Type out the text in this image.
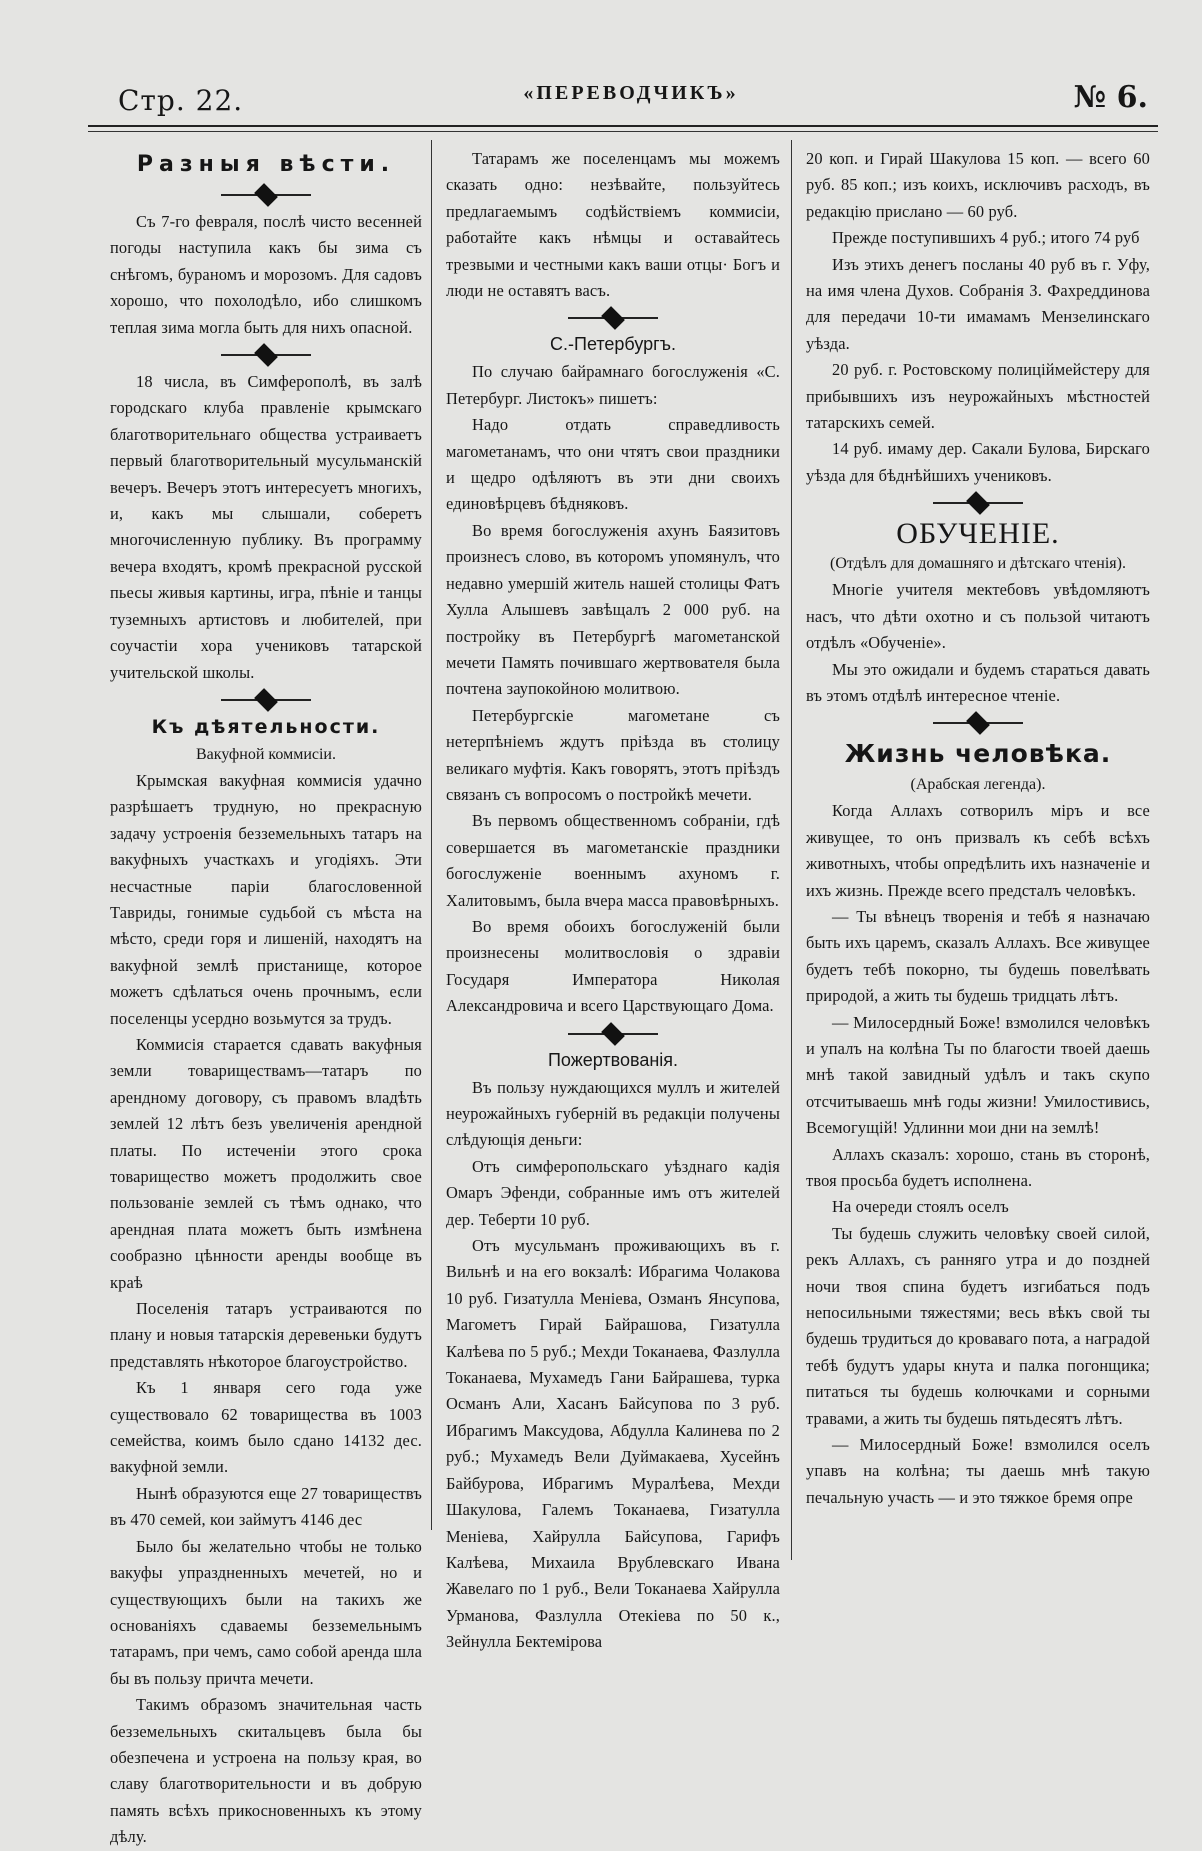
Стр. 22.	«ПЕРЕВОДЧИКЪ»	№ 6.
Разныя вѣсти.

Съ 7-го февраля, послѣ чисто весенней погоды наступила какъ бы зима съ снѣгомъ, бураномъ и морозомъ. Для садовъ хорошо, что похолодѣло, ибо слишкомъ теплая зима могла быть для нихъ опасной.

18 числа, въ Симферополѣ, въ залѣ городскаго клуба правленіе крымскаго благотворительнаго общества устраиваетъ первый благотворительный мусульманскій вечеръ. Вечеръ этотъ интересуетъ многихъ, и, какъ мы слышали, соберетъ многочисленную публику. Въ программу вечера входятъ, кромѣ прекрасной русской пьесы живыя картины, игра, пѣніе и танцы туземныхъ артистовъ и любителей, при соучастіи хора учениковъ татарской учительской школы.

Къ дѣятельности.

Вакуфной коммисіи.

Крымская вакуфная коммисія удачно разрѣшаетъ трудную, но прекрасную задачу устроенія безземельныхъ татаръ на вакуфныхъ участкахъ и угодіяхъ. Эти несчастные паріи благословенной Тавриды, гонимые судьбой съ мѣста на мѣсто, среди горя и лишеній, находятъ на вакуфной землѣ пристанище, которое можетъ сдѣлаться очень прочнымъ, если поселенцы усердно возьмутся за трудъ.

Коммисія старается сдавать вакуфныя земли товариществамъ—татаръ по арендному договору, съ правомъ владѣть землей 12 лѣтъ безъ увеличенія арендной платы. По истеченіи этого срока товарищество можетъ продолжить свое пользованіе землей съ тѣмъ однако, что арендная плата можетъ быть измѣнена сообразно цѣнности аренды вообще въ краѣ

Поселенія татаръ устраиваются по плану и новыя татарскія деревеньки будутъ представлять нѣкоторое благоустройство.

Къ 1 января сего года уже существовало 62 товарищества въ 1003 семейства, коимъ было сдано 14132 дес. вакуфной земли.

Нынѣ образуются еще 27 товариществъ въ 470 семей, кои займутъ 4146 дес

Было бы желательно чтобы не только вакуфы упраздненныхъ мечетей, но и существующихъ были на такихъ же основаніяхъ сдаваемы безземельнымъ татарамъ, при чемъ, само собой аренда шла бы въ пользу причта мечети.

Такимъ образомъ значительная часть безземельныхъ скитальцевъ была бы обезпечена и устроена на пользу края, во славу благотворительности и въ добрую память всѣхъ прикосновенныхъ къ этому дѣлу.

Татарамъ же поселенцамъ мы можемъ сказать одно: незѣвайте, пользуйтесь предлагаемымъ содѣйствіемъ коммисіи, работайте какъ нѣмцы и оставайтесь трезвыми и честными какъ ваши отцы· Богъ и люди не оставятъ васъ.

С.-Петербургъ.

По случаю байрамнаго богослуженія «С. Петербург. Листокъ» пишетъ:

Надо отдать справедливость магометанамъ, что они чтятъ свои праздники и щедро одѣляютъ въ эти дни своихъ единовѣрцевъ бѣдняковъ.

Во время богослуженія ахунъ Баязитовъ произнесъ слово, въ которомъ упомянулъ, что недавно умершій житель нашей столицы Фатъ Хулла Алышевъ завѣщалъ 2 000 руб. на постройку въ Петербургѣ магометанской мечети Память почившаго жертвователя была почтена заупокойною молитвою.

Петербургскіе магометане съ нетерпѣніемъ ждутъ пріѣзда въ столицу великаго муфтія. Какъ говорятъ, этотъ пріѣздъ связанъ съ вопросомъ о постройкѣ мечети.

Въ первомъ общественномъ собраніи, гдѣ совершается въ магометанскіе праздники богослуженіе военнымъ ахуномъ г. Халитовымъ, была вчера масса правовѣрныхъ.

Во время обоихъ богослуженій были произнесены молитвословія о здравіи Государя Императора Николая Александровича и всего Царствующаго Дома.

Пожертвованія.

Въ пользу нуждающихся муллъ и жителей неурожайныхъ губерній въ редакціи получены слѣдующія деньги:

Отъ симферопольскаго уѣзднаго кадія Омаръ Эфенди, собранные имъ отъ жителей дер. Теберти 10 руб.

Отъ мусульманъ проживающихъ въ г. Вильнѣ и на его вокзалѣ: Ибрагима Чолакова 10 руб. Гизатулла Меніева, Озманъ Янсупова, Магометъ Гирай Байрашова, Гизатулла Калѣева по 5 руб.; Мехди Токанаева, Фазлулла Токанаева, Мухамедъ Гани Байрашева, турка Османъ Али, Хасанъ Байсупова по 3 руб. Ибрагимъ Максудова, Абдулла Калинева по 2 руб.; Мухамедъ Вели Дуймакаева, Хусейнъ Байбурова, Ибрагимъ Муралѣева, Мехди Шакулова, Галемъ Токанаева, Гизатулла Меніева, Хайрулла Байсупова, Гарифъ Калѣева, Михаила Врублевскаго Ивана Жавелаго по 1 руб., Вели Токанаева Хайрулла Урманова, Фазлулла Отекіева по 50 к., Зейнулла Бектемірова

20 коп. и Гирай Шакулова 15 коп. — всего 60 руб. 85 коп.; изъ коихъ, исключивъ расходъ, въ редакцію прислано — 60 руб.

Прежде поступившихъ 4 руб.; итого 74 руб

Изъ этихъ денегъ посланы 40 руб въ г. Уфу, на имя члена Духов. Собранія З. Фахреддинова для передачи 10-ти имамамъ Мензелинскаго уѣзда.

20 руб. г. Ростовскому полиціймейстеру для прибывшихъ изъ неурожайныхъ мѣстностей татарскихъ семей.

14 руб. имаму дер. Сакали Булова, Бирскаго уѣзда для бѣднѣйшихъ учениковъ.

ОБУЧЕНІЕ.

(Отдѣлъ для домашняго и дѣтскаго чтенія).

Многіе учителя мектебовъ увѣдомляютъ насъ, что дѣти охотно и съ пользой читаютъ отдѣлъ «Обученіе».

Мы это ожидали и будемъ стараться давать въ этомъ отдѣлѣ интересное чтеніе.

Жизнь человѣка.

(Арабская легенда).

Когда Аллахъ сотворилъ міръ и все живущее, то онъ призвалъ къ себѣ всѣхъ животныхъ, чтобы опредѣлить ихъ назначеніе и ихъ жизнь. Прежде всего предсталъ человѣкъ.

— Ты вѣнецъ творенія и тебѣ я назначаю быть ихъ царемъ, сказалъ Аллахъ. Все живущее будетъ тебѣ покорно, ты будешь повелѣвать природой, а жить ты будешь тридцать лѣтъ.

— Милосердный Боже! взмолился человѣкъ и упалъ на колѣна Ты по благости твоей даешь мнѣ такой завидный удѣлъ и такъ скупо отсчитываешь мнѣ годы жизни! Умилостивись, Всемогущій! Удлинни мои дни на землѣ!

Аллахъ сказалъ: хорошо, стань въ сторонѣ, твоя просьба будетъ исполнена.

На очереди стоялъ оселъ

Ты будешь служить человѣку своей силой, рекъ Аллахъ, съ ранняго утра и до поздней ночи твоя спина будетъ изгибаться подъ непосильными тяжестями; весь вѣкъ свой ты будешь трудиться до кроваваго пота, а наградой тебѣ будутъ удары кнута и палка погонщика; питаться ты будешь колючками и сорными травами, а жить ты будешь пятьдесятъ лѣтъ.

— Милосердный Боже! взмолился оселъ упавъ на колѣна; ты даешь мнѣ такую печальную участь — и это тяжкое бремя опре
